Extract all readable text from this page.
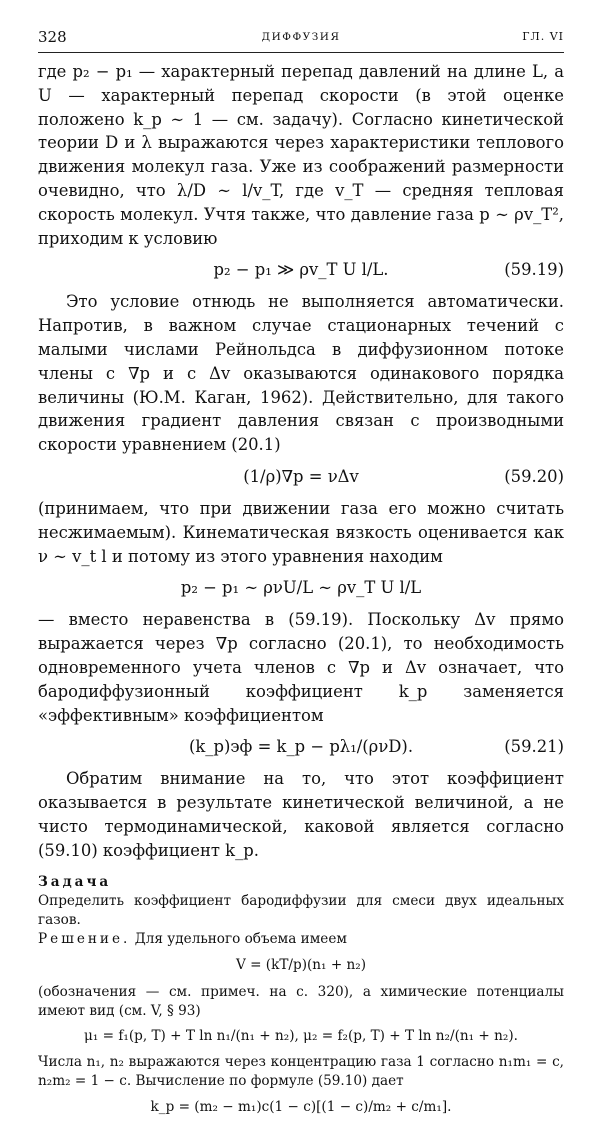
328	ДИФФУЗИЯ	ГЛ. VI

где p₂ − p₁ — характерный перепад давлений на длине L, а U — характерный перепад скорости (в этой оценке положено k_p ∼ 1 — см. задачу). Согласно кинетической теории D и λ выражаются через характеристики теплового движения молекул газа. Уже из соображений размерности очевидно, что λ/D ∼ l/v_T, где v_T — средняя тепловая скорость молекул. Учтя также, что давление газа p ∼ ρv_T², приходим к условию

p₂ − p₁ ≫ ρv_T U l/L.	(59.19)

Это условие отнюдь не выполняется автоматически. Напротив, в важном случае стационарных течений с малыми числами Рейнольдса в диффузионном потоке члены с ∇p и с Δv оказываются одинакового порядка величины (Ю.М. Каган, 1962). Действительно, для такого движения градиент давления связан с производными скорости уравнением (20.1)

(1/ρ)∇p = νΔv	(59.20)

(принимаем, что при движении газа его можно считать несжимаемым). Кинематическая вязкость оценивается как ν ∼ v_t l и потому из этого уравнения находим

p₂ − p₁ ∼ ρνU/L ∼ ρv_T U l/L

— вместо неравенства в (59.19). Поскольку Δv прямо выражается через ∇p согласно (20.1), то необходимость одновременного учета членов с ∇p и Δv означает, что бародиффузионный коэффициент k_p заменяется «эффективным» коэффициентом

(k_p)эф = k_p − pλ₁/(ρνD).	(59.21)

Обратим внимание на то, что этот коэффициент оказывается в результате кинетической величиной, а не чисто термодинамической, каковой является согласно (59.10) коэффициент k_p.

Задача

Определить коэффициент бародиффузии для смеси двух идеальных газов.

Решение. Для удельного объема имеем

V = (kT/p)(n₁ + n₂)

(обозначения — см. примеч. на с. 320), а химические потенциалы имеют вид (см. V, § 93)

μ₁ = f₁(p, T) + T ln n₁/(n₁ + n₂), μ₂ = f₂(p, T) + T ln n₂/(n₁ + n₂).

Числа n₁, n₂ выражаются через концентрацию газа 1 согласно n₁m₁ = c, n₂m₂ = 1 − c. Вычисление по формуле (59.10) дает

k_p = (m₂ − m₁)c(1 − c)[(1 − c)/m₂ + c/m₁].
